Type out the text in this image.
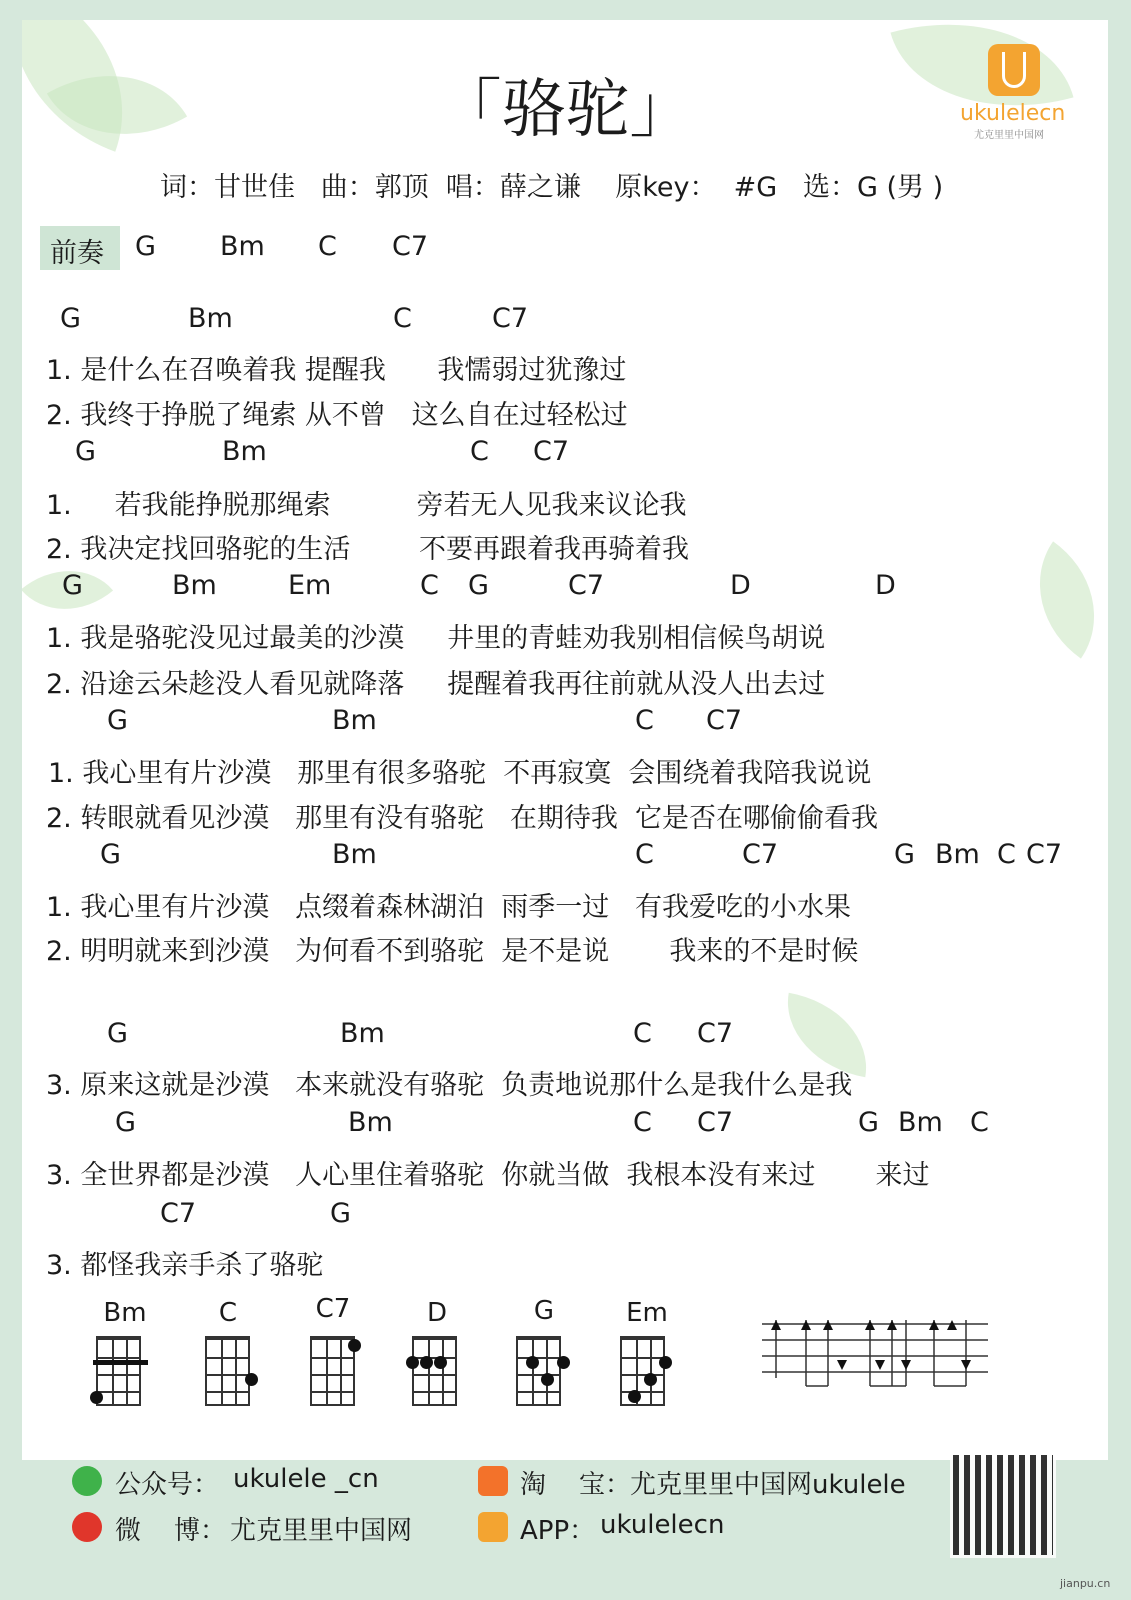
「骆驼」

	ukulelecn
尤克里里中国网
词：甘世佳   曲：郭顶  唱：薛之谦    原key：  #G   选：G (男 )
前奏 G Bm C C7
G	Bm	C	C7
1. 是什么在召唤着我 提醒我      我懦弱过犹豫过
2. 我终于挣脱了绳索 从不曾   这么自在过轻松过
G	Bm	C C7
1.     若我能挣脱那绳索          旁若无人见我来议论我
2. 我决定找回骆驼的生活        不要再跟着我再骑着我
G	Bm	Em	C G	C7	D	D
1. 我是骆驼没见过最美的沙漠     井里的青蛙劝我别相信候鸟胡说
2. 沿途云朵趁没人看见就降落     提醒着我再往前就从没人出去过
G	Bm	C C7
1. 我心里有片沙漠   那里有很多骆驼  不再寂寞  会围绕着我陪我说说
2. 转眼就看见沙漠   那里有没有骆驼   在期待我  它是否在哪偷偷看我
G	Bm	C	C7	G Bm C C7
1. 我心里有片沙漠   点缀着森林湖泊  雨季一过   有我爱吃的小水果
2. 明明就来到沙漠   为何看不到骆驼  是不是说       我来的不是时候
G	Bm	C C7
3. 原来这就是沙漠   本来就没有骆驼  负责地说那什么是我什么是我
G	Bm	C C7	G Bm C
3. 全世界都是沙漠   人心里住着骆驼  你就当做  我根本没有来过       来过
C7	G
3. 都怪我亲手杀了骆驼
Bm	C	C7	D	G	Em
公众号： ukulele _cn
微    博： 尤克里里中国网
淘    宝：
尤克里里中国网ukulele
APP： ukulelecn
jianpu.cn
